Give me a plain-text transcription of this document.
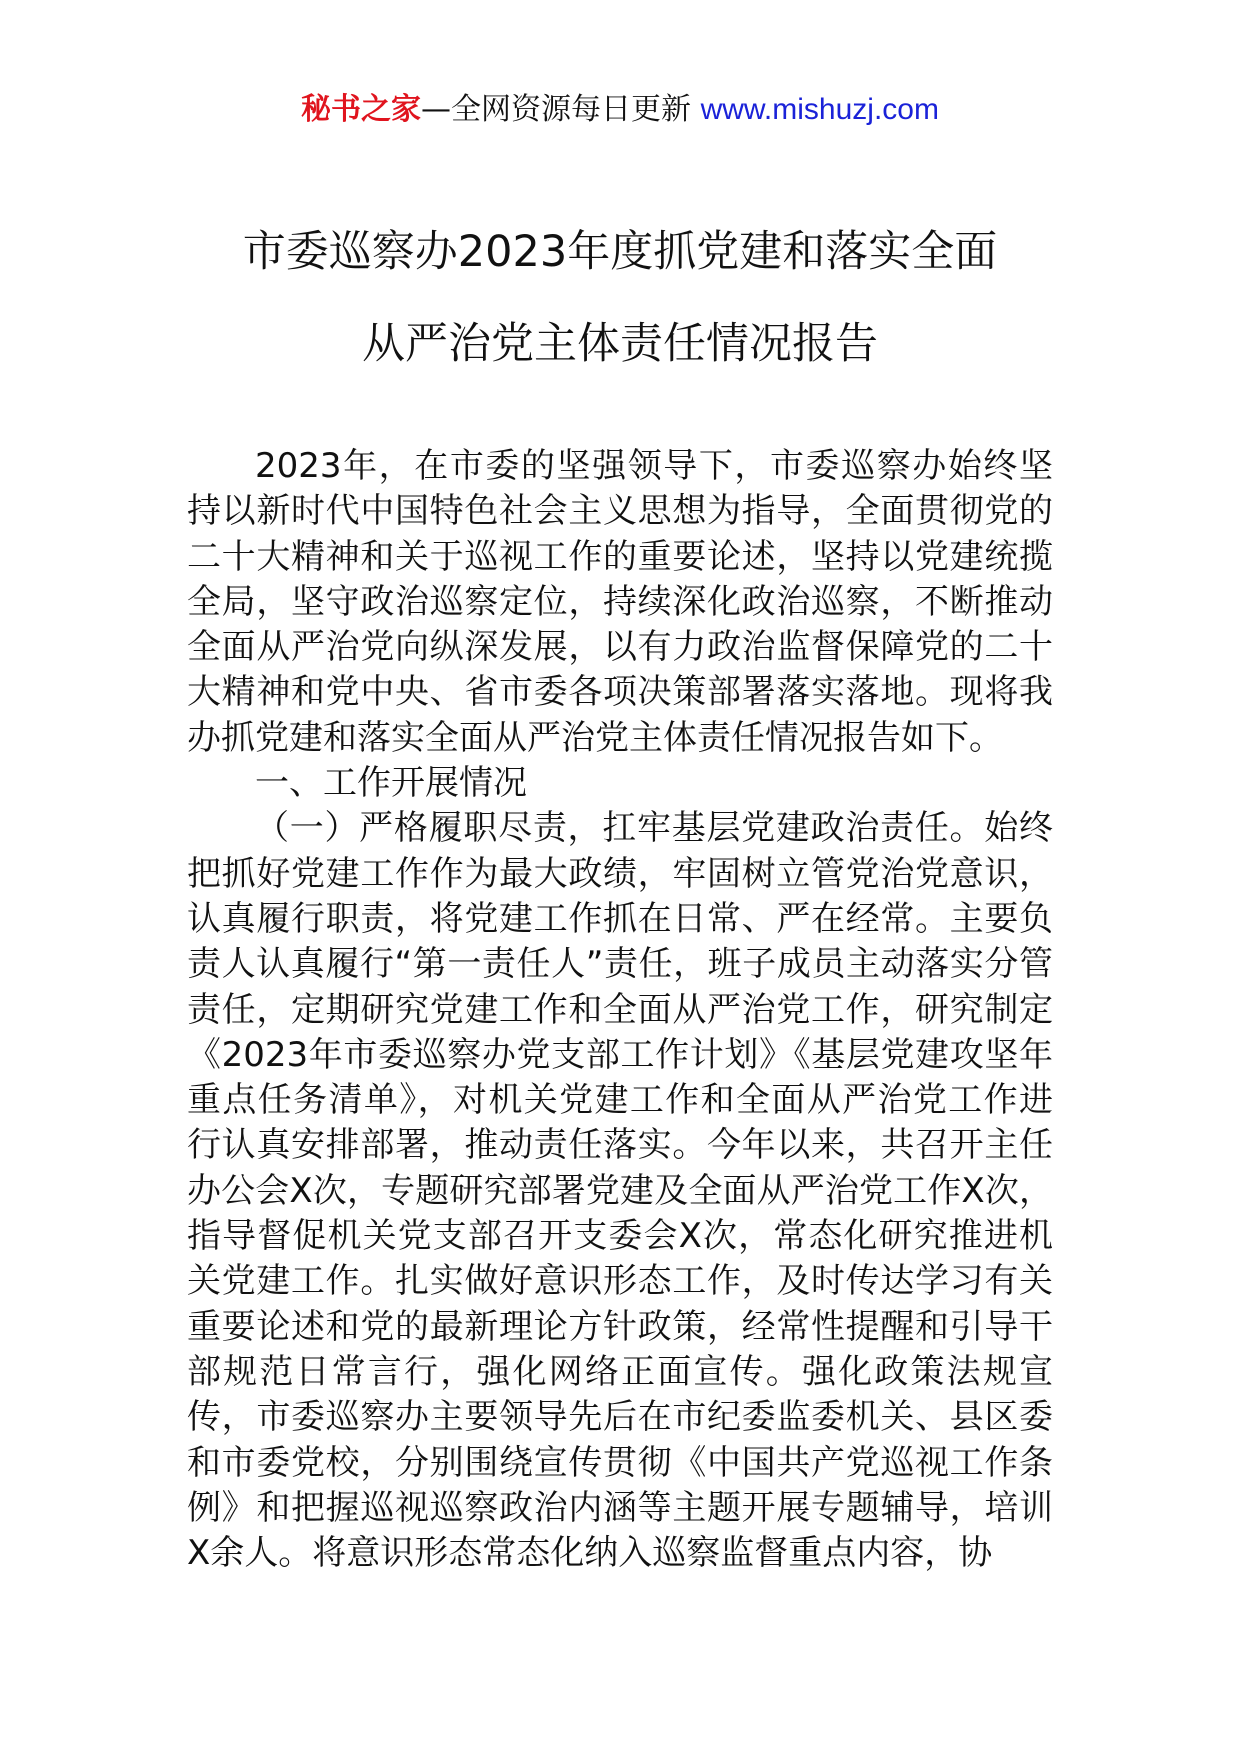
秘书之家—全网资源每日更新 www.mishuzj.com
市委巡察办2023年度抓党建和落实全面
从严治党主体责任情况报告

2023年，在市委的坚强领导下，市委巡察办始终坚持以新时代中国特色社会主义思想为指导，全面贯彻党的二十大精神和关于巡视工作的重要论述，坚持以党建统揽全局，坚守政治巡察定位，持续深化政治巡察，不断推动全面从严治党向纵深发展，以有力政治监督保障党的二十大精神和党中央、省市委各项决策部署落实落地。现将我办抓党建和落实全面从严治党主体责任情况报告如下。

一、工作开展情况

（一）严格履职尽责，扛牢基层党建政治责任。始终把抓好党建工作作为最大政绩，牢固树立管党治党意识，认真履行职责，将党建工作抓在日常、严在经常。主要负责人认真履行“第一责任人”责任，班子成员主动落实分管责任，定期研究党建工作和全面从严治党工作，研究制定《2023年市委巡察办党支部工作计划》《基层党建攻坚年重点任务清单》，对机关党建工作和全面从严治党工作进行认真安排部署，推动责任落实。今年以来，共召开主任办公会X次，专题研究部署党建及全面从严治党工作X次，指导督促机关党支部召开支委会X次，常态化研究推进机关党建工作。扎实做好意识形态工作，及时传达学习有关重要论述和党的最新理论方针政策，经常性提醒和引导干部规范日常言行，强化网络正面宣传。强化政策法规宣传，市委巡察办主要领导先后在市纪委监委机关、县区委和市委党校，分别围绕宣传贯彻《中国共产党巡视工作条例》和把握巡视巡察政治内涵等主题开展专题辅导，培训X余人。将意识形态常态化纳入巡察监督重点内容，协
